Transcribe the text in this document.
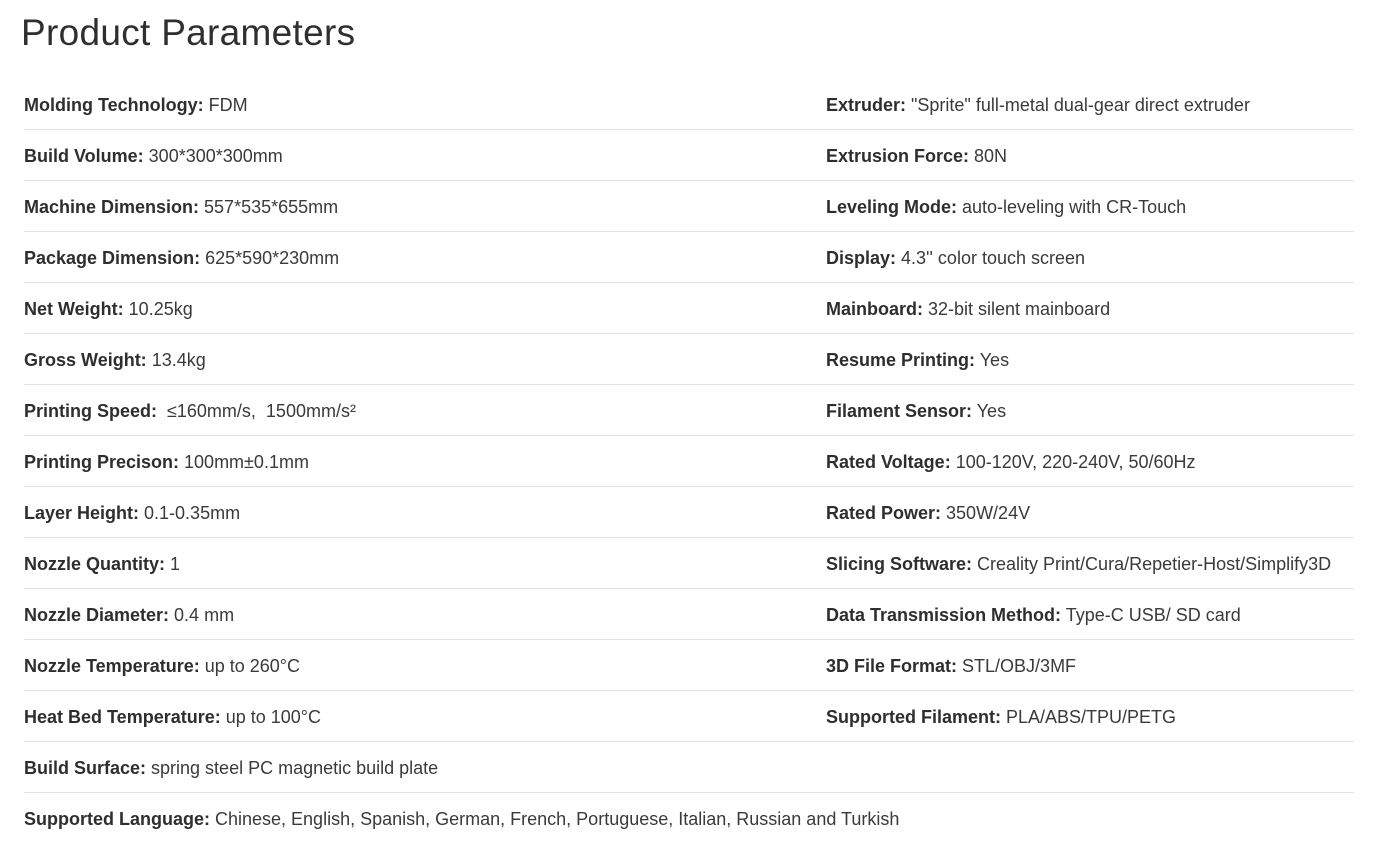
Product Parameters
Molding Technology: FDM	Extruder: "Sprite" full-metal dual-gear direct extruder
Build Volume: 300*300*300mm	Extrusion Force: 80N
Machine Dimension: 557*535*655mm	Leveling Mode: auto-leveling with CR-Touch
Package Dimension: 625*590*230mm	Display: 4.3'' color touch screen
Net Weight: 10.25kg	Mainboard: 32-bit silent mainboard
Gross Weight: 13.4kg	Resume Printing: Yes
Printing Speed:  ≤160mm/s,  1500mm/s²	Filament Sensor: Yes
Printing Precison: 100mm±0.1mm	Rated Voltage: 100-120V, 220-240V, 50/60Hz
Layer Height: 0.1-0.35mm	Rated Power: 350W/24V
Nozzle Quantity: 1	Slicing Software: Creality Print/Cura/Repetier-Host/Simplify3D
Nozzle Diameter: 0.4 mm	Data Transmission Method: Type-C USB/ SD card
Nozzle Temperature: up to 260°C	3D File Format: STL/OBJ/3MF
Heat Bed Temperature: up to 100°C	Supported Filament: PLA/ABS/TPU/PETG
Build Surface: spring steel PC magnetic build plate
Supported Language: Chinese, English, Spanish, German, French, Portuguese, Italian, Russian and Turkish
